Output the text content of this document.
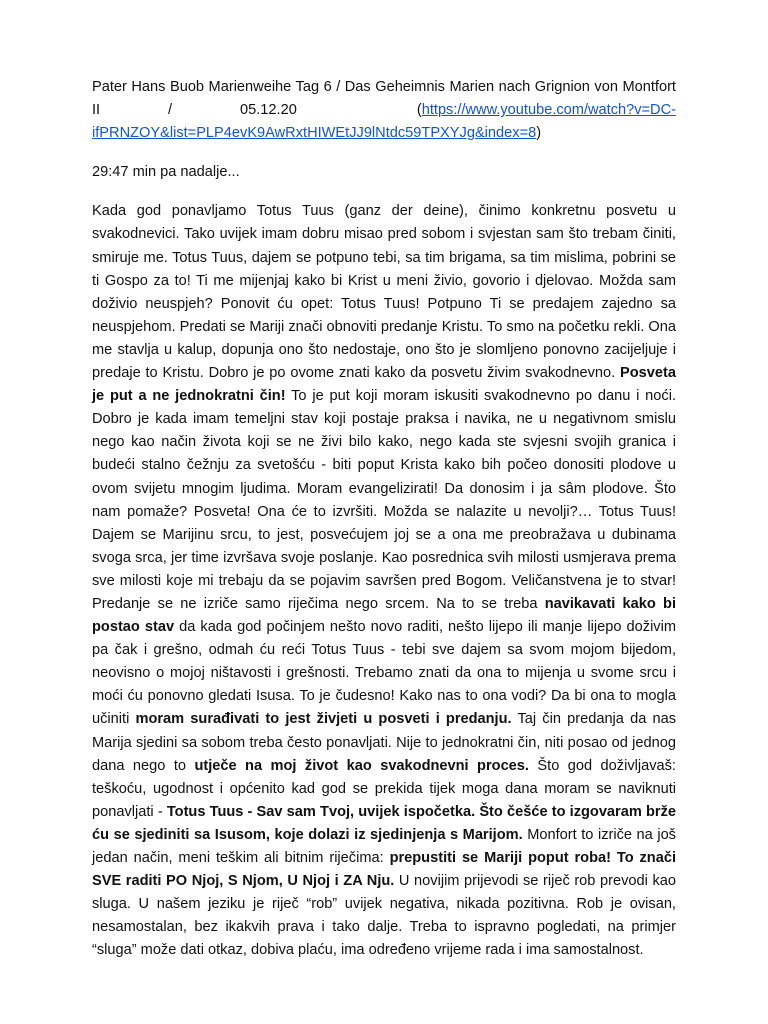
Pater Hans Buob Marienweihe Tag 6 / Das Geheimnis Marien nach Grignion von Montfort II / 05.12.20	(https://www.youtube.com/watch?v=DC-ifPRNZOY&list=PLP4evK9AwRxtHIWEtJJ9lNtdc59TPXYJg&index=8)

29:47 min pa nadalje...

Kada god ponavljamo Totus Tuus (ganz der deine), činimo konkretnu posvetu u svakodnevici. Tako uvijek imam dobru misao pred sobom i svjestan sam što trebam činiti, smiruje me. Totus Tuus, dajem se potpuno tebi, sa tim brigama, sa tim mislima, pobrini se ti Gospo za to! Ti me mijenjaj kako bi Krist u meni živio, govorio i djelovao. Možda sam doživio neuspjeh? Ponovit ću opet: Totus Tuus! Potpuno Ti se predajem zajedno sa neuspjehom. Predati se Mariji znači obnoviti predanje Kristu. To smo na početku rekli. Ona me stavlja u kalup, dopunja ono što nedostaje, ono što je slomljeno ponovno zacijeljuje i predaje to Kristu. Dobro je po ovome znati kako da posvetu živim svakodnevno. Posveta je put a ne jednokratni čin! To je put koji moram iskusiti svakodnevno po danu i noći. Dobro je kada imam temeljni stav koji postaje praksa i navika, ne u negativnom smislu nego kao način života koji se ne živi bilo kako, nego kada ste svjesni svojih granica i budeći stalno čežnju za svetošću - biti poput Krista kako bih počeo donositi plodove u ovom svijetu mnogim ljudima. Moram evangelizirati! Da donosim i ja sâm plodove. Što nam pomaže? Posveta! Ona će to izvršiti. Možda se nalazite u nevolji?… Totus Tuus! Dajem se Marijinu srcu, to jest, posvećujem joj se a ona me preobražava u dubinama svoga srca, jer time izvršava svoje poslanje. Kao posrednica svih milosti usmjerava prema sve milosti koje mi trebaju da se pojavim savršen pred Bogom. Veličanstvena je to stvar! Predanje se ne izriče samo riječima nego srcem. Na to se treba navikavati kako bi postao stav da kada god počinjem nešto novo raditi, nešto lijepo ili manje lijepo doživim pa čak i grešno, odmah ću reći Totus Tuus - tebi sve dajem sa svom mojom bijedom, neovisno o mojoj ništavosti i grešnosti. Trebamo znati da ona to mijenja u svome srcu i moći ću ponovno gledati Isusa. To je čudesno! Kako nas to ona vodi? Da bi ona to mogla učiniti moram surađivati to jest živjeti u posveti i predanju. Taj čin predanja da nas Marija sjedini sa sobom treba često ponavljati. Nije to jednokratni čin, niti posao od jednog dana nego to utječe na moj život kao svakodnevni proces. Što god doživljavaš: teškoću, ugodnost i općenito kad god se prekida tijek moga dana moram se naviknuti ponavljati - Totus Tuus - Sav sam Tvoj, uvijek ispočetka. Što češće to izgovaram brže ću se sjediniti sa Isusom, koje dolazi iz sjedinjenja s Marijom. Monfort to izriče na još jedan način, meni teškim ali bitnim riječima: prepustiti se Mariji poput roba! To znači SVE raditi PO Njoj, S Njom, U Njoj i ZA Nju. U novijim prijevodi se riječ rob prevodi kao sluga. U našem jeziku je riječ “rob” uvijek negativa, nikada pozitivna. Rob je ovisan, nesamostalan, bez ikakvih prava i tako dalje. Treba to ispravno pogledati, na primjer “sluga” može dati otkaz, dobiva plaću, ima određeno vrijeme rada i ima samostalnost.
